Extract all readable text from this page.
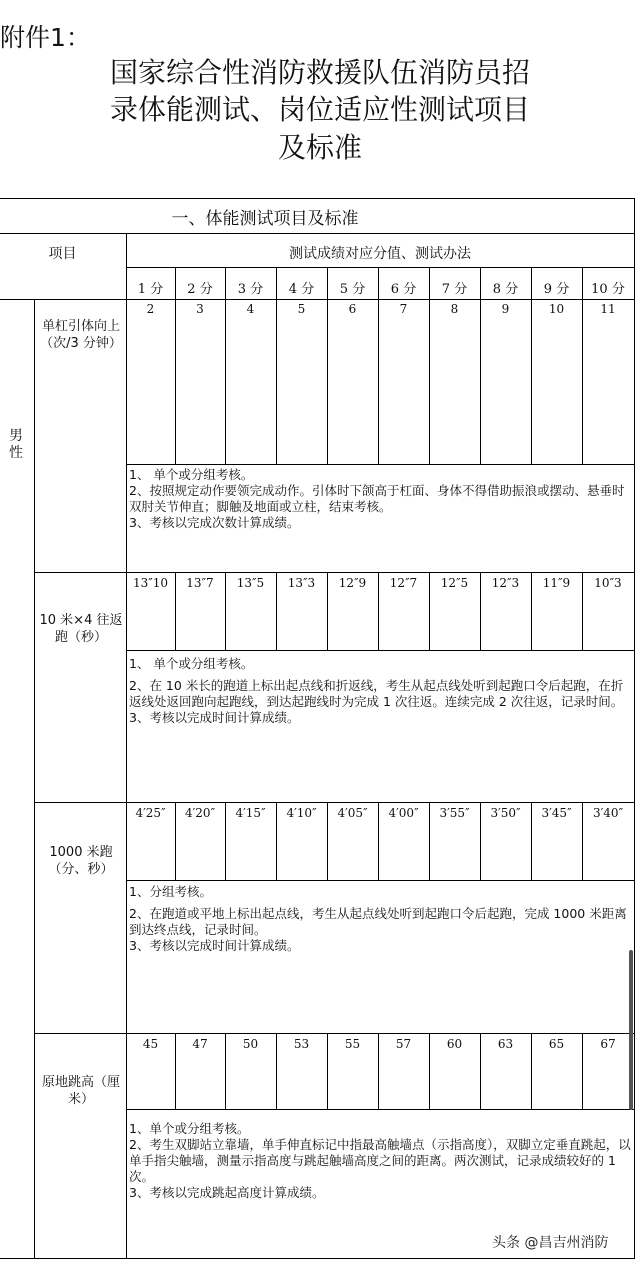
附件1：
国家综合性消防救援队伍消防员招
录体能测试、岗位适应性测试项目
及标准
一、体能测试项目及标准
项目	测试成绩对应分值、测试办法
男
性
头条 @昌吉州消防
1 分	2 分	3 分	4 分	5 分	6 分	7 分	8 分	9 分	10 分
单杠引体向上（次/3 分钟）
2	3	4	5	6	7	8	9	10	11

1、 单个或分组考核。

2、按照规定动作要领完成动作。引体时下颌高于杠面、身体不得借助振浪或摆动、悬垂时双肘关节伸直；脚触及地面或立柱，结束考核。

3、考核以完成次数计算成绩。

10 米×4 往返跑（秒）
13″10	13″7	13″5	13″3	12″9	12″7	12″5	12″3	11″9	10″3

1、 单个或分组考核。

2、在 10 米长的跑道上标出起点线和折返线，考生从起点线处听到起跑口令后起跑，在折返线处返回跑向起跑线，到达起跑线时为完成 1 次往返。连续完成 2 次往返，记录时间。

3、考核以完成时间计算成绩。

1000 米跑（分、秒）
4′25″	4′20″	4′15″	4′10″	4′05″	4′00″	3′55″	3′50″	3′45″	3′40″

1、分组考核。

2、在跑道或平地上标出起点线，考生从起点线处听到起跑口令后起跑，完成 1000 米距离到达终点线，记录时间。

3、考核以完成时间计算成绩。

原地跳高（厘米）
45	47	50	53	55	57	60	63	65	67

1、单个或分组考核。

2、考生双脚站立靠墙，单手伸直标记中指最高触墙点（示指高度），双脚立定垂直跳起，以单手指尖触墙，测量示指高度与跳起触墙高度之间的距离。两次测试，记录成绩较好的 1 次。

3、考核以完成跳起高度计算成绩。
